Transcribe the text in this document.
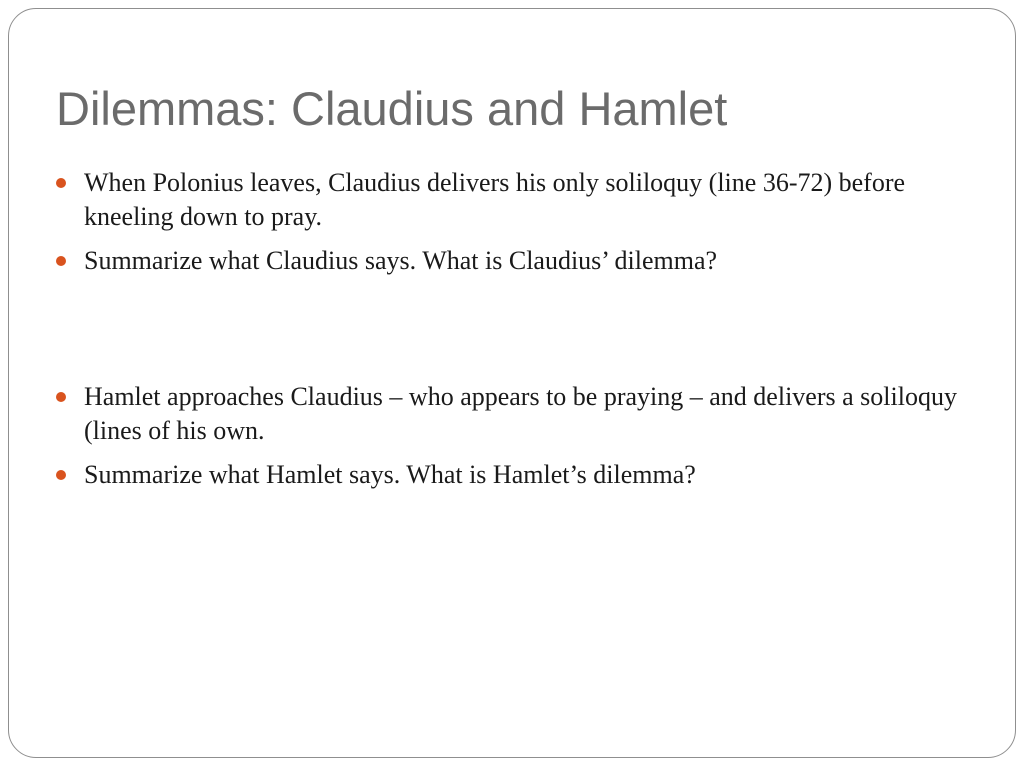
Dilemmas: Claudius and Hamlet
When Polonius leaves, Claudius delivers his only soliloquy (line 36-72) before kneeling down to pray.
Summarize what Claudius says. What is Claudius’ dilemma?
Hamlet approaches Claudius – who appears to be praying – and delivers a soliloquy (lines of his own.
Summarize what Hamlet says. What is Hamlet’s dilemma?
